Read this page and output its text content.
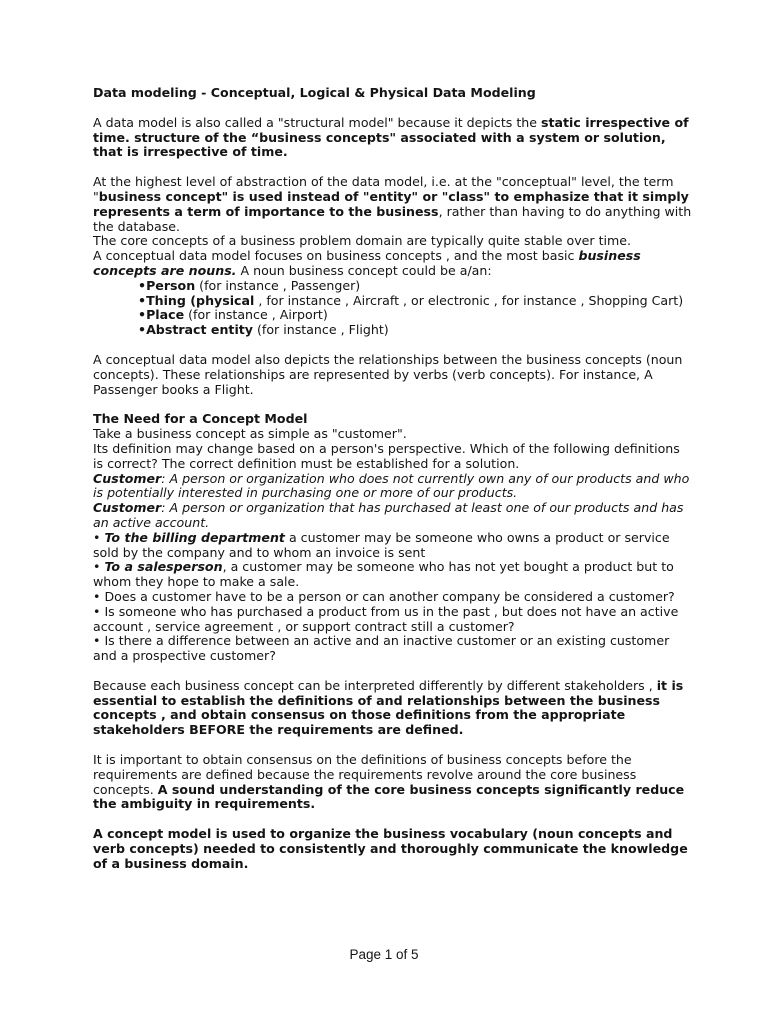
Data modeling - Conceptual, Logical & Physical Data Modeling

A data model is also called a "structural model" because it depicts the static irrespective of time. structure of the “business concepts" associated with a system or solution, that is irrespective of time.

At the highest level of abstraction of the data model, i.e. at the "conceptual" level, the term "business concept" is used instead of "entity" or "class" to emphasize that it simply represents a term of importance to the business, rather than having to do anything with the database.

The core concepts of a business problem domain are typically quite stable over time.

A conceptual data model focuses on business concepts , and the most basic business concepts are nouns. A noun business concept could be a/an:

• Person (for instance , Passenger)
• Thing (physical , for instance , Aircraft , or electronic , for instance , Shopping Cart)
• Place (for instance , Airport)
• Abstract entity (for instance , Flight)

A conceptual data model also depicts the relationships between the business concepts (noun concepts). These relationships are represented by verbs (verb concepts). For instance, A Passenger books a Flight.

The Need for a Concept Model

Take a business concept as simple as "customer".

Its definition may change based on a person's perspective. Which of the following definitions is correct? The correct definition must be established for a solution.

Customer: A person or organization who does not currently own any of our products and who is potentially interested in purchasing one or more of our products.

Customer: A person or organization that has purchased at least one of our products and has an active account.

• To the billing department a customer may be someone who owns a product or service sold by the company and to whom an invoice is sent

• To a salesperson, a customer may be someone who has not yet bought a product but to whom they hope to make a sale.

• Does a customer have to be a person or can another company be considered a customer?

• Is someone who has purchased a product from us in the past , but does not have an active account , service agreement , or support contract still a customer?

• Is there a difference between an active and an inactive customer or an existing customer and a prospective customer?

Because each business concept can be interpreted differently by different stakeholders , it is essential to establish the definitions of and relationships between the business concepts , and obtain consensus on those definitions from the appropriate stakeholders BEFORE the requirements are defined.

It is important to obtain consensus on the definitions of business concepts before the requirements are defined because the requirements revolve around the core business concepts. A sound understanding of the core business concepts significantly reduce the ambiguity in requirements.

A concept model is used to organize the business vocabulary (noun concepts and verb concepts) needed to consistently and thoroughly communicate the knowledge of a business domain.

Page 1 of 5
